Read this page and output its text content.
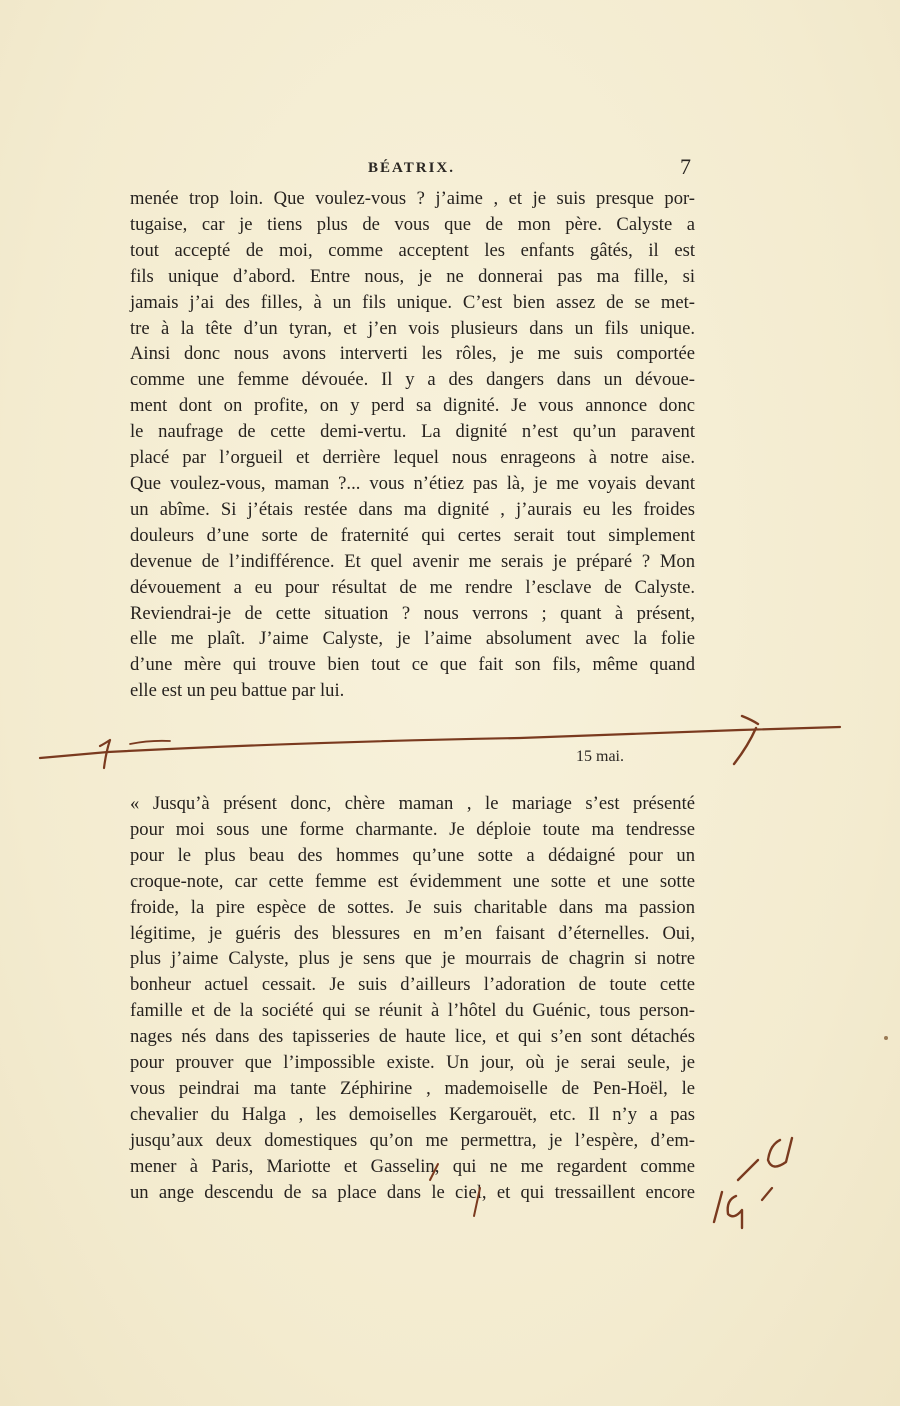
BÉATRIX.	7
menée trop loin. Que voulez-vous ? j’aime , et je suis presque por-
tugaise, car je tiens plus de vous que de mon père. Calyste a
tout accepté de moi, comme acceptent les enfants gâtés, il est
fils unique d’abord. Entre nous, je ne donnerai pas ma fille, si
jamais j’ai des filles, à un fils unique. C’est bien assez de se met-
tre à la tête d’un tyran, et j’en vois plusieurs dans un fils unique.
Ainsi donc nous avons interverti les rôles, je me suis comportée
comme une femme dévouée. Il y a des dangers dans un dévoue-
ment dont on profite, on y perd sa dignité. Je vous annonce donc
le naufrage de cette demi-vertu. La dignité n’est qu’un paravent
placé par l’orgueil et derrière lequel nous enrageons à notre aise.
Que voulez-vous, maman ?... vous n’étiez pas là, je me voyais devant
un abîme. Si j’étais restée dans ma dignité , j’aurais eu les froides
douleurs d’une sorte de fraternité qui certes serait tout simplement
devenue de l’indifférence. Et quel avenir me serais je préparé ? Mon
dévouement a eu pour résultat de me rendre l’esclave de Calyste.
Reviendrai-je de cette situation ? nous verrons ; quant à présent,
elle me plaît. J’aime Calyste, je l’aime absolument avec la folie
d’une mère qui trouve bien tout ce que fait son fils, même quand
elle est un peu battue par lui.
15 mai.
« Jusqu’à présent donc, chère maman , le mariage s’est présenté
pour moi sous une forme charmante. Je déploie toute ma tendresse
pour le plus beau des hommes qu’une sotte a dédaigné pour un
croque-note, car cette femme est évidemment une sotte et une sotte
froide, la pire espèce de sottes. Je suis charitable dans ma passion
légitime, je guéris des blessures en m’en faisant d’éternelles. Oui,
plus j’aime Calyste, plus je sens que je mourrais de chagrin si notre
bonheur actuel cessait. Je suis d’ailleurs l’adoration de toute cette
famille et de la société qui se réunit à l’hôtel du Guénic, tous person-
nages nés dans des tapisseries de haute lice, et qui s’en sont détachés
pour prouver que l’impossible existe. Un jour, où je serai seule, je
vous peindrai ma tante Zéphirine , mademoiselle de Pen-Hoël, le
chevalier du Halga , les demoiselles Kergarouët, etc. Il n’y a pas
jusqu’aux deux domestiques qu’on me permettra, je l’espère, d’em-
mener à Paris, Mariotte et Gasselin, qui ne me regardent comme
un ange descendu de sa place dans le ciel, et qui tressaillent encore
